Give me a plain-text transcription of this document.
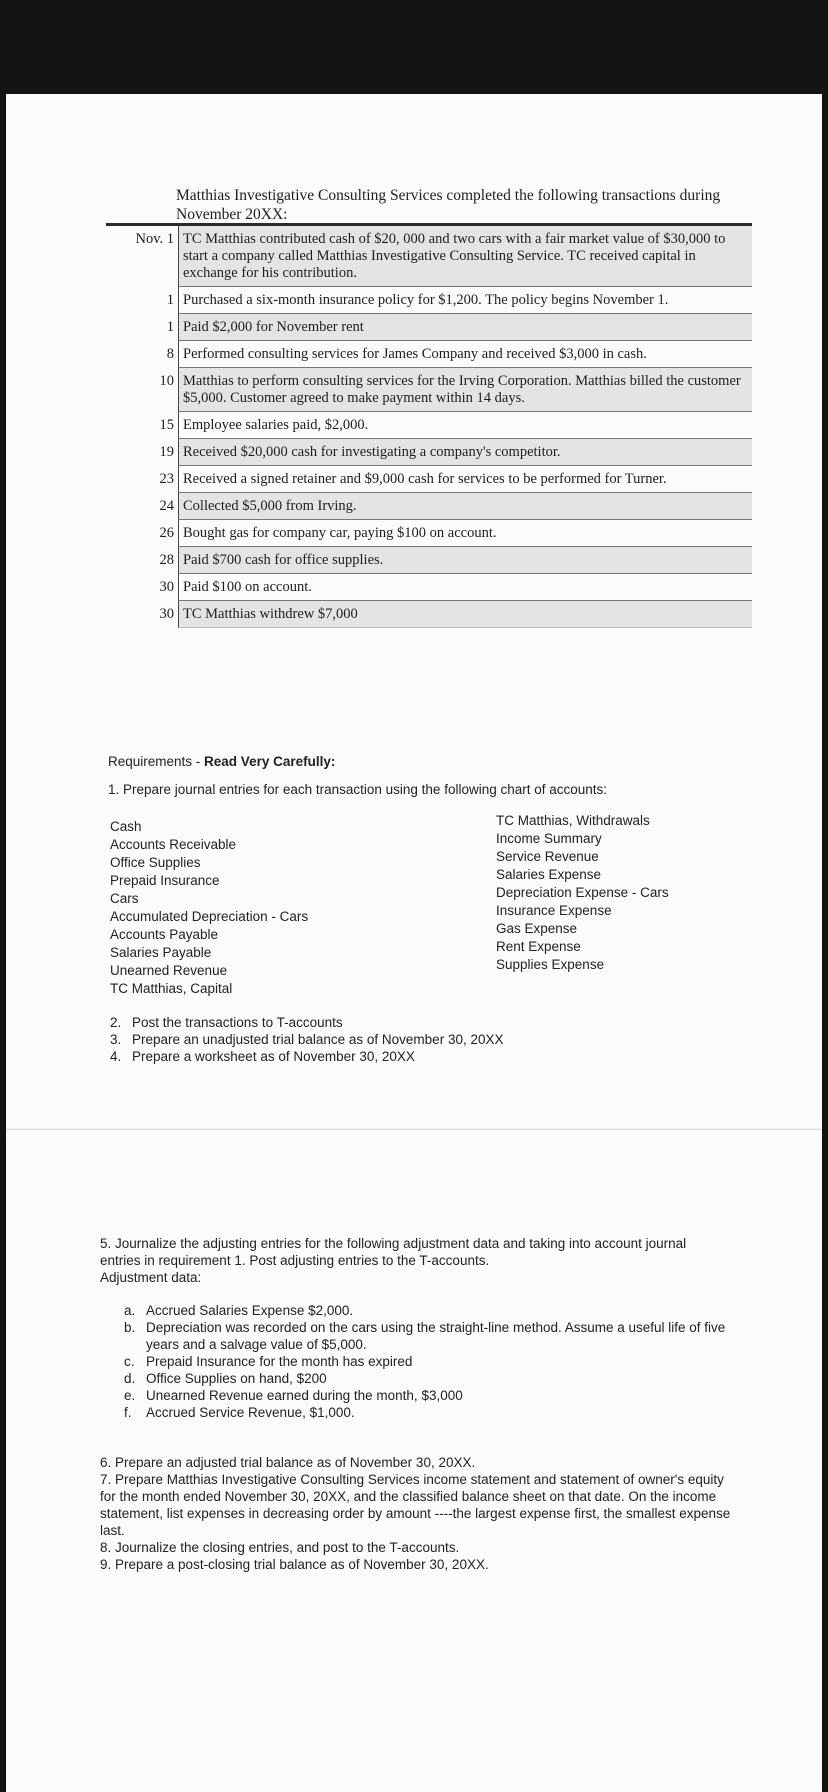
Matthias Investigative Consulting Services completed the following transactions during November 20XX:
Nov. 1 TC Matthias contributed cash of $20, 000 and two cars with a fair market value of $30,000 to start a company called Matthias Investigative Consulting Service. TC received capital in exchange for his contribution.
1 Purchased a six-month insurance policy for $1,200. The policy begins November 1.
1 Paid $2,000 for November rent
8 Performed consulting services for James Company and received $3,000 in cash.
10 Matthias to perform consulting services for the Irving Corporation. Matthias billed the customer $5,000. Customer agreed to make payment within 14 days.
15 Employee salaries paid, $2,000.
19 Received $20,000 cash for investigating a company's competitor.
23 Received a signed retainer and $9,000 cash for services to be performed for Turner.
24 Collected $5,000 from Irving.
26 Bought gas for company car, paying $100 on account.
28 Paid $700 cash for office supplies.
30 Paid $100 on account.
30 TC Matthias withdrew $7,000
Requirements - Read Very Carefully:
1. Prepare journal entries for each transaction using the following chart of accounts:
Cash
Accounts Receivable
Office Supplies
Prepaid Insurance
Cars
Accumulated Depreciation - Cars
Accounts Payable
Salaries Payable
Unearned Revenue
TC Matthias, Capital
TC Matthias, Withdrawals
Income Summary
Service Revenue
Salaries Expense
Depreciation Expense - Cars
Insurance Expense
Gas Expense
Rent Expense
Supplies Expense
2. Post the transactions to T-accounts
3. Prepare an unadjusted trial balance as of November 30, 20XX
4. Prepare a worksheet as of November 30, 20XX
5. Journalize the adjusting entries for the following adjustment data and taking into account journal
entries in requirement 1. Post adjusting entries to the T-accounts.
Adjustment data:
a. Accrued Salaries Expense $2,000.
b. Depreciation was recorded on the cars using the straight-line method. Assume a useful life of five years and a salvage value of $5,000.
c. Prepaid Insurance for the month has expired
d. Office Supplies on hand, $200
e. Unearned Revenue earned during the month, $3,000
f.	Accrued Service Revenue, $1,000.
6. Prepare an adjusted trial balance as of November 30, 20XX.
7. Prepare Matthias Investigative Consulting Services income statement and statement of owner's equity for the month ended November 30, 20XX, and the classified balance sheet on that date. On the income statement, list expenses in decreasing order by amount ----the largest expense first, the smallest expense last.
8. Journalize the closing entries, and post to the T-accounts.
9. Prepare a post-closing trial balance as of November 30, 20XX.
